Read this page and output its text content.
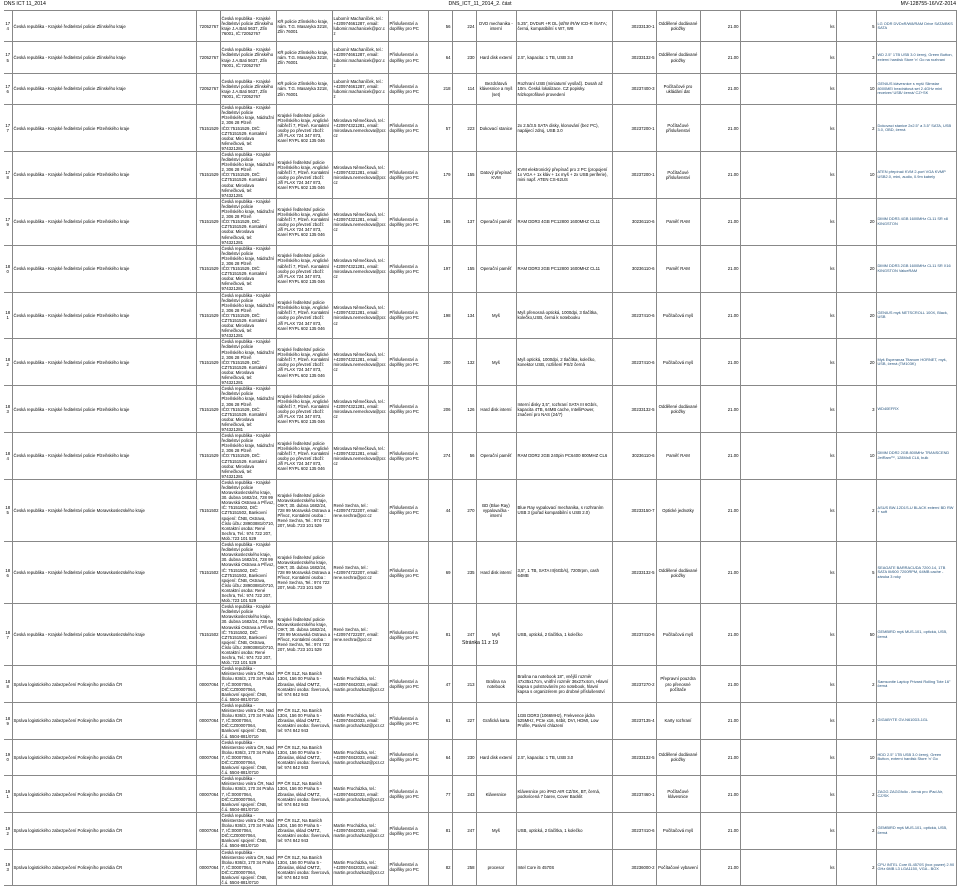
DNS ICT 11_2014	DNS_ICT_11_2014_2. část	MV-128755-16/VZ-2014
174	Česká republika - Krajské ředitelství policie Zlínského kraje	72052767	Česká republika - Krajské ředitelství policie Zlínského kraje J.A.Bati 5637, Zlín 76001, IČ:72052767	KŘ policie Zlínského kraje, nám. T.G. Masaryka 3218, Zlín 76001	Lubomír Machaníček, tel.: +420974661287, email: lubomir.machanicek@pcr.cz	Příslušenství a doplňky pro PC	56	224	DVD mechanika - interní	5.25", DVDxR +R DL (střW /R/W ICD-R /SATA; černá, kompatibilní s W7, W8	30233130-1	Oddělené dodávané položky	21.00	ks	5	LG ODR DVDxR/W8/RAM Drive SATA/BKS SATA
175	Česká republika - Krajské ředitelství policie Zlínského kraje	72052767	Česká republika - Krajské ředitelství policie Zlínského kraje J.A.Bati 5637, Zlín 76001, IČ:72052767	KŘ policie Zlínského kraje, nám. T.G. Masaryka 3218, Zlín 76001	Lubomír Machaníček, tel.: +420974661287, email: lubomir.machanicek@pcr.cz	Příslušenství a doplňky pro PC	64	230	Hard disk externí	2.5", kapacita: 1 TB, USB 3.0	30233132-5	Oddělené dodávané položky	21.00	ks	3	WD 2.5" 1TB USB 3.0 černý, Green Button, externí hardisk Store 'n' Go na rozhraní
176	Česká republika - Krajské ředitelství policie Zlínského kraje	72052767	Česká republika - Krajské ředitelství policie Zlínského kraje J.A.Bati 5637, Zlín 76001, IČ:72052767	KŘ policie Zlínského kraje, nám. T.G. Masaryka 3218, Zlín 76001	Lubomír Machaníček, tel.: +420974661287, email: lubomir.machanicek@pcr.cz	Příslušenství a doplňky pro PC	218	114	Bezdrátová klávesnice a myš (set)	Rozhraní USB (miniaturní vysílač). Dosah až 10m. Česká lokalizace. CZ popisky. Nízkoprofilové provedení	30237400-3	Počítačové pro ukládání dat	21.00	ks	10	GENIUS klávesnice s myší Slimstar 8000ME/ bezdrátová set 2.4GHz mini receiver/ USB/ černá/ CZ+SK
177	Česká republika - Krajské ředitelství policie Plzeňského kraje	75151529	Česká republika - Krajské ředitelství policie Plzeňského kraje, Nádražní 2, 306 28 Plzeň IČO:75151529, DIČ: CZ75151529. Kontaktní osoba: Miroslava Němečková, tel: 974321281	Krajské ředitelství policie Plzeňského kraje, Anglické nábřeží 7, Plzeň. Kontaktní osoby po převzetí zboží: Jiří FLAX 724 347 873, Karel RYPL 602 135 046	Miroslava Němečková, tel.: +420974321281, email: miroslava.nemeckova@pcr.cz	Příslušenství a doplňky pro PC	57	223	Dokovací stanice	2x 2.5/3.5 SATA disky, klonování (bez PC), napájecí zdroj, USB 3.0	30237200-1	Počítačové příslušenství	21.00	ks	2	Dokovací stanice 2x2.5" a 3.5" SATA, USB 3.0, OBD, černá
178	Česká republika - Krajské ředitelství policie Plzeňského kraje	75151529	Česká republika - Krajské ředitelství policie Plzeňského kraje, Nádražní 2, 306 28 Plzeň IČO:75151529, DIČ: CZ75151529. Kontaktní osoba: Miroslava Němečková, tel: 974321281	Krajské ředitelství policie Plzeňského kraje, Anglické nábřeží 7, Plzeň. Kontaktní osoby po převzetí zboží: Jiří FLAX 724 347 873, Karel RYPL 602 135 046	Miroslava Němečková, tel.: +420974321281, email: miroslava.nemeckova@pcr.cz	Příslušenství a doplňky pro PC	179	155	Datový přepínač KVM	KVM elektronický přepínač pro 2 PC (propojení 1x VGA + 1x kláv + 1x myš + 2x USB periferie), mini např. ATEN CS-62US	30237200-1	Počítačové příslušenství	21.00	ks	10	ATEN přepínač KVM 2-port VGA KVMP USB2.0, mini, audio, 0.9m kabely
179	Česká republika - Krajské ředitelství policie Plzeňského kraje	75151529	Česká republika - Krajské ředitelství policie Plzeňského kraje, Nádražní 2, 306 28 Plzeň IČO:75151529, DIČ: CZ75151529. Kontaktní osoba: Miroslava Němečková, tel: 974321281	Krajské ředitelství policie Plzeňského kraje, Anglické nábřeží 7, Plzeň. Kontaktní osoby po převzetí zboží: Jiří FLAX 724 347 873, Karel RYPL 602 135 046	Miroslava Němečková, tel.: +420974321281, email: miroslava.nemeckova@pcr.cz	Příslušenství a doplňky pro PC	195	137	Operační paměť	RAM DDR3 4GB PC12800 1600MHZ CL11	30236110-6	Paměť RAM	21.00	ks	20	DIMM DDR3 4GB 1600MHz CL11 SR x8 KINGSTON
180	Česká republika - Krajské ředitelství policie Plzeňského kraje	75151529	Česká republika - Krajské ředitelství policie Plzeňského kraje, Nádražní 2, 306 28 Plzeň IČO:75151529, DIČ: CZ75151529. Kontaktní osoba: Miroslava Němečková, tel: 974321281	Krajské ředitelství policie Plzeňského kraje, Anglické nábřeží 7, Plzeň. Kontaktní osoby po převzetí zboží: Jiří FLAX 724 347 873, Karel RYPL 602 135 046	Miroslava Němečková, tel.: +420974321281, email: miroslava.nemeckova@pcr.cz	Příslušenství a doplňky pro PC	197	155	Operační paměť	RAM DDR3 2GB PC12800 1600MHZ CL11	30236110-6	Paměť RAM	21.00	ks	20	DIMM DDR3 2GB 1600MHz CL11 SR X16 KINGSTON ValueRAM
181	Česká republika - Krajské ředitelství policie Plzeňského kraje	75151529	Česká republika - Krajské ředitelství policie Plzeňského kraje, Nádražní 2, 306 28 Plzeň IČO:75151529, DIČ: CZ75151529. Kontaktní osoba: Miroslava Němečková, tel: 974321281	Krajské ředitelství policie Plzeňského kraje, Anglické nábřeží 7, Plzeň. Kontaktní osoby po převzetí zboží: Jiří FLAX 724 347 873, Karel RYPL 602 135 046	Miroslava Němečková, tel.: +420974321281, email: miroslava.nemeckova@pcr.cz	Příslušenství a doplňky pro PC	198	134	Myš	Myš přenosná optická, 1000dpi, 3 tlačítka, kolečko,USB, černá k notebooku	30237410-6	Počítačová myš	21.00	ks	20	GENIUS myš NETSCROLL 100X, Black, USB
182	Česká republika - Krajské ředitelství policie Plzeňského kraje	75151529	Česká republika - Krajské ředitelství policie Plzeňského kraje, Nádražní 2, 306 28 Plzeň IČO:75151529, DIČ: CZ75151529. Kontaktní osoba: Miroslava Němečková, tel: 974321281	Krajské ředitelství policie Plzeňského kraje, Anglické nábřeží 7, Plzeň. Kontaktní osoby po převzetí zboží: Jiří FLAX 724 347 873, Karel RYPL 602 135 046	Miroslava Němečková, tel.: +420974321281, email: miroslava.nemeckova@pcr.cz	Příslušenství a doplňky pro PC	200	132	Myš	Myš optická, 1000dpi, 2 tlačítka, kolečko, konektor USB, rozlišení PS/2 černá	30237410-6	Počítačová myš	21.00	ks	20	Myš Esperanza Titanum HORNET, myš, USB, černá (TM103K)
183	Česká republika - Krajské ředitelství policie Plzeňského kraje	75151529	Česká republika - Krajské ředitelství policie Plzeňského kraje, Nádražní 2, 306 28 Plzeň IČO:75151529, DIČ: CZ75151529. Kontaktní osoba: Miroslava Němečková, tel: 974321281	Krajské ředitelství policie Plzeňského kraje, Anglické nábřeží 7, Plzeň. Kontaktní osoby po převzetí zboží: Jiří FLAX 724 347 873, Karel RYPL 602 135 046	Miroslava Němečková, tel.: +420974321281, email: miroslava.nemeckova@pcr.cz	Příslušenství a doplňky pro PC	206	126	Hard disk interní	Interní disky 3,5", rozhraní SATA III 6Gb/s, kapacita 4TB, 64MB cache, IntelliPower, značení pro NAS (24/7)	30233132-5	Oddělené dodávané položky	21.00	ks	3	WD40EFRX
184	Česká republika - Krajské ředitelství policie Plzeňského kraje	75151529	Česká republika - Krajské ředitelství policie Plzeňského kraje, Nádražní 2, 306 28 Plzeň IČO:75151529, DIČ: CZ75151529. Kontaktní osoba: Miroslava Němečková, tel: 974321281	Krajské ředitelství policie Plzeňského kraje, Anglické nábřeží 7, Plzeň. Kontaktní osoby po převzetí zboží: Jiří FLAX 724 347 873, Karel RYPL 602 135 046	Miroslava Němečková, tel.: +420974321281, email: miroslava.nemeckova@pcr.cz	Příslušenství a doplňky pro PC	274	56	Operační paměť	RAM DDR2 2GB 240pin PC6400 800MHZ CL6	30236110-6	Paměť RAM	21.00	ks	10	DIMM DDR2 2GB 800MHz TRANSCEND JetRam™, 128Mx8 CL6, bulk
185	Česká republika - Krajské ředitelství policie Moravskoslezského kraje	75151502	Česká republika - Krajské ředitelství policie Moravskoslezského kraje, 30. dubna 1682/24, 728 99 Moravská Ostrava a Přívoz, IČ: 75151502, DIČ: CZ75151502, Bankovní spojení: ČNB, Ostrava, Číslo účtu: 28903881/0710, Kontaktní osoba: René Sechra, Tel.: 974 722 207, Mob.:723 101 529	Krajské ředitelství policie Moravskoslezského kraje, OIKT, 30. dubna 1682/24, 728 99 Moravská Ostrava a Přívoz, Kontaktní osoba : René Sechra, Tel.: 974 722 207, Mob.:723 101 529	René Sechra, tel.: +420974722207, email: rene.sechra@pcr.cz	Příslušenství a doplňky pro PC	44	270	BD (Blue Ray) vypalovačka - interní	Blue Ray vypalovací mechanika, s rozhraním USB 3 (pořad kompatibilní s USB 2.0)	30233150-7	Optické jednotky	21.00	ks	2	ASUS BW-12D1S-U BLACK externí BD RW + soft
186	Česká republika - Krajské ředitelství policie Moravskoslezského kraje	75151502	Česká republika - Krajské ředitelství policie Moravskoslezského kraje, 30. dubna 1682/24, 728 99 Moravská Ostrava a Přívoz, IČ: 75151502, DIČ: CZ75151502, Bankovní spojení: ČNB, Ostrava, Číslo účtu: 28903881/0710, Kontaktní osoba: René Sechra, Tel.: 974 722 207, Mob.:723 101 529	Krajské ředitelství policie Moravskoslezského kraje, OIKT, 30. dubna 1682/24, 728 99 Moravská Ostrava a Přívoz, Kontaktní osoba : René Sechra, Tel.: 974 722 207, Mob.:723 101 529	René Sechra, tel.: +420974722207, email: rene.sechra@pcr.cz	Příslušenství a doplňky pro PC	69	235	Hard disk interní	3,5", 1 TB, SATA III(6Gb/s), 7200rpm, cash 64MB	30233132-5	Oddělené dodávané položky	21.00	ks	5	SEAGATE BARRACUDA 7200.14, 1TB SATA III/600 7200RPM, 64MB cache - záruka 3 roky
187	Česká republika - Krajské ředitelství policie Moravskoslezského kraje	75151502	Česká republika - Krajské ředitelství policie Moravskoslezského kraje, 30. dubna 1682/24, 728 99 Moravská Ostrava a Přívoz, IČ: 75151502, DIČ: CZ75151502, Bankovní spojení: ČNB, Ostrava, Číslo účtu: 28903881/0710, Kontaktní osoba: René Sechra, Tel.: 974 722 207, Mob.:723 101 529	Krajské ředitelství policie Moravskoslezského kraje, OIKT, 30. dubna 1682/24, 728 99 Moravská Ostrava a Přívoz, Kontaktní osoba : René Sechra, Tel.: 974 722 207, Mob.:723 101 529	René Sechra, tel.: +420974722207, email: rene.sechra@pcr.cz	Příslušenství a doplňky pro PC	81	247	Myš	USB, optická, 2 tlačítka, 1 kolečko	30237410-6	Počítačová myš	21.00	ks	50	GEMBIRD myš MUS-101, optická, USB, černá
188	Správa logistického zabezpečení Policejního prezidia ČR	00007064	Česká republika - Ministerstvo vnitra ČR, Nad Štolou 936/3, 170 34 Praha 7, IČ:00007064, DIČ:CZ00007064, Bankovní spojení: ČNB, č.ú. 5504-881/0710	PP ČR SLZ, Na Baních 1304, 156 00 Praha 5 - Zbraslav, sklad OMTZ, Kontaktní osoba: Švercová, tel: 974 842 943	Martin Procházka, tel.: +420974842033, email: martin.prochazka2@pcr.cz	Příslušenství a doplňky pro PC	47	213	Brašna na notebook	Brašna na notebook 18", vnější rozměr 47x35x17cm, vnitřní rozměr 36x27x4cm, Hlavní kapsa s polstrováním pro notebook, hlavní kapsa s organizérem pro drobné příslušenství	30237270-2	Přepravní pouzdra pro přenosné počítače	21.00	ks	2	Samsonite Laptop Privard Rolling Tote 16" černá
189	Správa logistického zabezpečení Policejního prezidia ČR	00007064	Česká republika - Ministerstvo vnitra ČR, Nad Štolou 936/3, 170 34 Praha 7, IČ:00007064, DIČ:CZ00007064, Bankovní spojení: ČNB, č.ú. 5504-881/0710	PP ČR SLZ, Na Baních 1304, 156 00 Praha 5 - Zbraslav, sklad OMTZ, Kontaktní osoba: Švercová, tel: 974 842 943	Martin Procházka, tel.: +420974842033, email: martin.prochazka2@pcr.cz	Příslušenství a doplňky pro PC	61	227	Grafická karta	1GB DDR3 (1066MHz), Frekvence jádra 525MHz, PCIe x16, 64bit, DVI, HDMI, Low Profile, Pasivní chlazení	30237135-4	Karty rozhraní	21.00	ks	2	GIGABYTE GV-N610D3-1GL
190	Správa logistického zabezpečení Policejního prezidia ČR	00007064	Česká republika - Ministerstvo vnitra ČR, Nad Štolou 936/3, 170 34 Praha 7, IČ:00007064, DIČ:CZ00007064, Bankovní spojení: ČNB, č.ú. 5504-881/0710	PP ČR SLZ, Na Baních 1304, 156 00 Praha 5 - Zbraslav, sklad OMTZ, Kontaktní osoba: Švercová, tel: 974 842 943	Martin Procházka, tel.: +420974842033, email: martin.prochazka2@pcr.cz	Příslušenství a doplňky pro PC	64	230	Hard disk externí	2.5", kapacita: 1 TB, USB 3.0	30233132-5	Oddělené dodávané položky	21.00	ks	10	HDD 2.5" 1TB USB 3.0 černý, Green Button, externí hardisk Store 'n' Go
191	Správa logistického zabezpečení Policejního prezidia ČR	00007064	Česká republika - Ministerstvo vnitra ČR, Nad Štolou 936/3, 170 34 Praha 7, IČ:00007064, DIČ:CZ00007064, Bankovní spojení: ČNB, č.ú. 5504-881/0710	PP ČR SLZ, Na Baních 1304, 156 00 Praha 5 - Zbraslav, sklad OMTZ, Kontaktní osoba: Švercová, tel: 974 842 943	Martin Procházka, tel.: +420974842033, email: martin.prochazka2@pcr.cz	Příslušenství a doplňky pro PC	77	243	Klávesnice	Klávesnice pro iPAD AIR CZ/SK, BT, černá, podsvícená 7 barev, Cover Backlit	30237460-1	Počítačové klávesnice	21.00	ks	2	ZAGG ZAGGfolio - černá pro iPad Air, CZ/SK
192	Správa logistického zabezpečení Policejního prezidia ČR	00007064	Česká republika - Ministerstvo vnitra ČR, Nad Štolou 936/3, 170 34 Praha 7, IČ:00007064, DIČ:CZ00007064, Bankovní spojení: ČNB, č.ú. 5504-881/0710	PP ČR SLZ, Na Baních 1304, 156 00 Praha 5 - Zbraslav, sklad OMTZ, Kontaktní osoba: Švercová, tel: 974 842 943	Martin Procházka, tel.: +420974842033, email: martin.prochazka2@pcr.cz	Příslušenství a doplňky pro PC	81	247	Myš	USB, optická, 2 tlačítka, 1 kolečko	30237410-6	Počítačová myš	21.00	ks	2	GEMBIRD myš MUS-101, optická, USB, černá
193	Správa logistického zabezpečení Policejního prezidia ČR	00007064	Česká republika - Ministerstvo vnitra ČR, Nad Štolou 936/3, 170 34 Praha 7, IČ:00007064, DIČ:CZ00007064, Bankovní spojení: ČNB, č.ú. 5504-881/0710	PP ČR SLZ, Na Baních 1304, 156 00 Praha 5 - Zbraslav, sklad OMTZ, Kontaktní osoba: Švercová, tel: 974 842 943	Martin Procházka, tel.: +420974842033, email: martin.prochazka2@pcr.cz	Příslušenství a doplňky pro PC	82	258	procesor	Intel Core i5 4570S	30236000-2	Počítačové vybavení	21.00	ks	2	CPU INTEL Core i5-4570S (box power) 2.90 GHz 6MB L3 LGA1150, VGA - BOX
Stránka 11 z 19
